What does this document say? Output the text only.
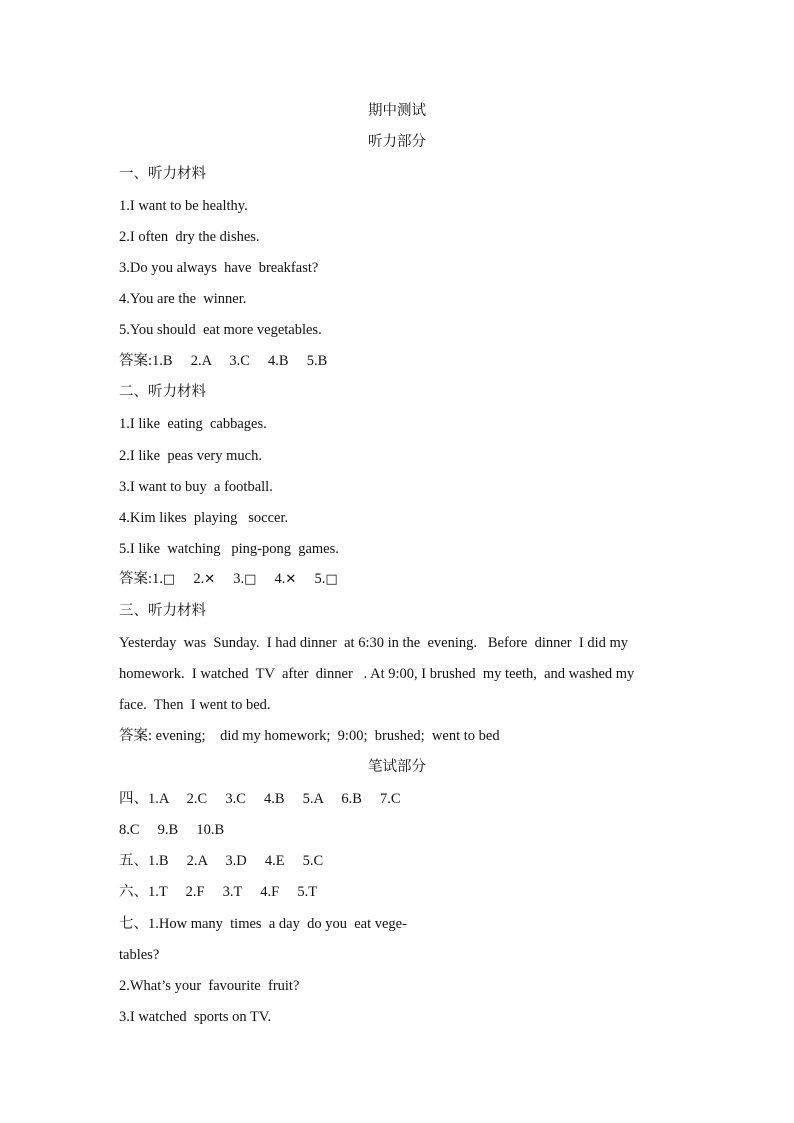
期中测试
听力部分
一、听力材料
1.I want to be healthy.
2.I often  dry the dishes.
3.Do you always  have  breakfast?
4.You are the  winner.
5.You should  eat more vegetables.
答案:1.B     2.A     3.C     4.B     5.B
二、听力材料
1.I like  eating  cabbages.
2.I like  peas very much.
3.I want to buy  a football.
4.Kim likes  playing   soccer.
5.I like  watching   ping-pong  games.
答案:1.□ 2.✕ 3.□ 4.✕ 5.□
三、听力材料
Yesterday  was  Sunday.  I had dinner  at 6:30 in the  evening.   Before  dinner  I did my
homework.  I watched  TV  after  dinner   . At 9:00, I brushed  my teeth,  and washed my
face.  Then  I went to bed.
答案: evening;    did my homework;  9:00;  brushed;  went to bed
笔试部分
四、1.A     2.C     3.C     4.B     5.A     6.B     7.C
8.C     9.B     10.B
五、1.B     2.A     3.D     4.E     5.C
六、1.T     2.F     3.T     4.F     5.T
七、1.How many  times  a day  do you  eat vege-
tables?
2.What’s your  favourite  fruit?
3.I watched  sports on TV.
